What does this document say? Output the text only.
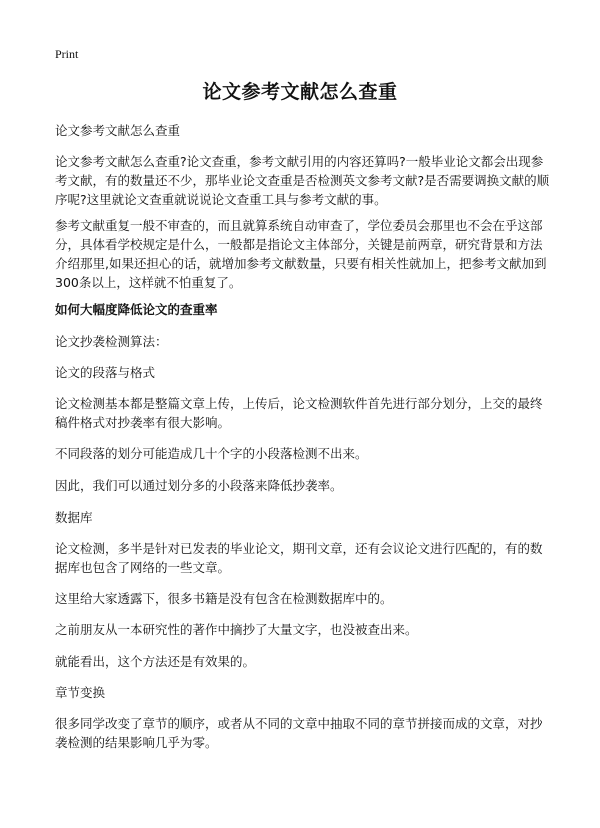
Print
论文参考文献怎么查重

论文参考文献怎么查重

论文参考文献怎么查重?论文查重，参考文献引用的内容还算吗?一般毕业论文都会出现参考文献，有的数量还不少，那毕业论文查重是否检测英文参考文献?是否需要调换文献的顺序呢?这里就论文查重就说说论文查重工具与参考文献的事。

参考文献重复一般不审查的，而且就算系统自动审查了，学位委员会那里也不会在乎这部分，具体看学校规定是什么，一般都是指论文主体部分，关键是前两章，研究背景和方法介绍那里,如果还担心的话，就增加参考文献数量，只要有相关性就加上，把参考文献加到300条以上，这样就不怕重复了。

如何大幅度降低论文的查重率

论文抄袭检测算法：

论文的段落与格式

论文检测基本都是整篇文章上传，上传后，论文检测软件首先进行部分划分，上交的最终稿件格式对抄袭率有很大影响。

不同段落的划分可能造成几十个字的小段落检测不出来。

因此，我们可以通过划分多的小段落来降低抄袭率。

数据库

论文检测，多半是针对已发表的毕业论文，期刊文章，还有会议论文进行匹配的，有的数据库也包含了网络的一些文章。

这里给大家透露下，很多书籍是没有包含在检测数据库中的。

之前朋友从一本研究性的著作中摘抄了大量文字，也没被查出来。

就能看出，这个方法还是有效果的。

章节变换

很多同学改变了章节的顺序，或者从不同的文章中抽取不同的章节拼接而成的文章，对抄袭检测的结果影响几乎为零。
